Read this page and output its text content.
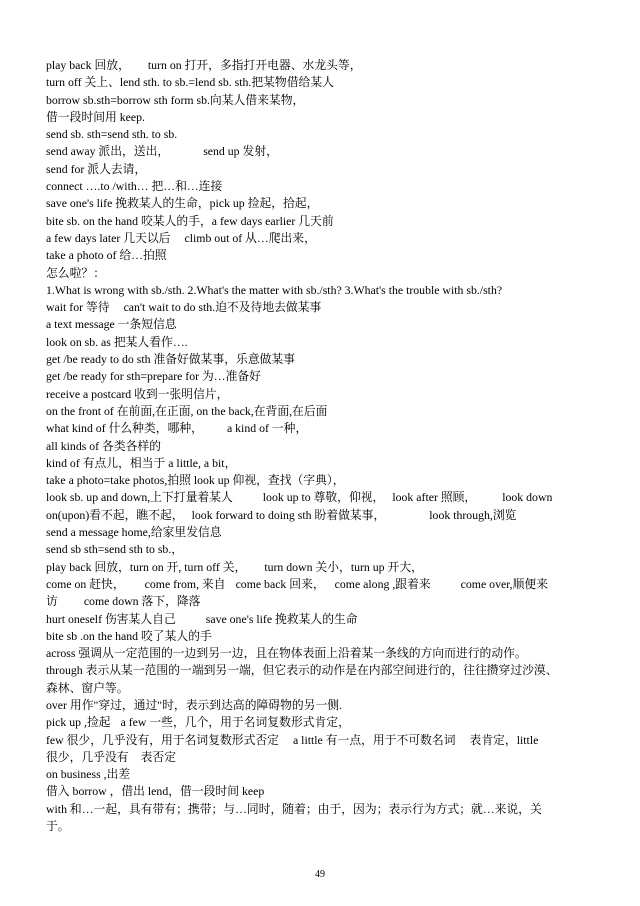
play back 回放， turn on 打开，多指打开电器、水龙头等，
turn off 关上、lend sth. to sb.=lend sb. sth.把某物借给某人
borrow sb.sth=borrow sth form sb.向某人借来某物，
借一段时间用 keep.
send sb. sth=send sth. to sb.
send away 派出，送出，	send up 发射，
send for 派人去请，
connect ….to /with… 把…和…连接
save one's life 挽救某人的生命，pick up 捡起，拾起，
bite sb. on the hand 咬某人的手，a few days earlier 几天前
a few days later 几天以后 climb out of 从…爬出来，
take a photo of 给…拍照
怎么啦？：
1.What is wrong with sb./sth. 2.What's the matter with sb./sth? 3.What's the trouble with sb./sth?
wait for 等待 can't wait to do sth.迫不及待地去做某事
a text message 一条短信息
look on sb. as 把某人看作….
get /be ready to do sth 准备好做某事，乐意做某事
get /be ready for sth=prepare for 为…准备好
receive a postcard 收到一张明信片，
on the front of 在前面,在正面, on the back,在背面,在后面
what kind of 什么种类，哪种， a kind of 一种，
all kinds of 各类各样的
kind of 有点儿，相当于 a little, a bit，
take a photo=take photos,拍照 look up 仰视，查找（字典），
look sb. up and down,上下打量着某人	look up to 尊敬，仰视， look after 照顾， look down
on(upon)看不起，瞧不起， look forward to doing sth 盼着做某事，	look through,浏览
send a message home,给家里发信息
send sb sth=send sth to sb.，
play back 回放，turn on 开, turn off 关， turn down 关小，turn up 开大，
come on 赶快， come from, 来自 come back 回来， come along ,跟着来	come over,顺便来
访 come down 落下，降落
hurt oneself 伤害某人自己	save one's life 挽救某人的生命
bite sb .on the hand 咬了某人的手
across 强调从一定范围的一边到另一边，且在物体表面上沿着某一条线的方向而进行的动作。
through 表示从某一范围的一端到另一端，但它表示的动作是在内部空间进行的，往往攒穿过沙漠、
森林、窗户等。
over 用作"穿过，通过"时，表示到达高的障碍物的另一侧.
pick up ,捡起 a few 一些，几个，用于名词复数形式肯定，
few 很少，几乎没有，用于名词复数形式否定 a little 有一点，用于不可数名词 表肯定，little
很少，几乎没有 表否定
on business ,出差
借入 borrow ，借出 lend，借一段时间 keep
with 和…一起，具有带有；携带；与…同时，随着；由于，因为；表示行为方式；就…来说，关
于。
49
